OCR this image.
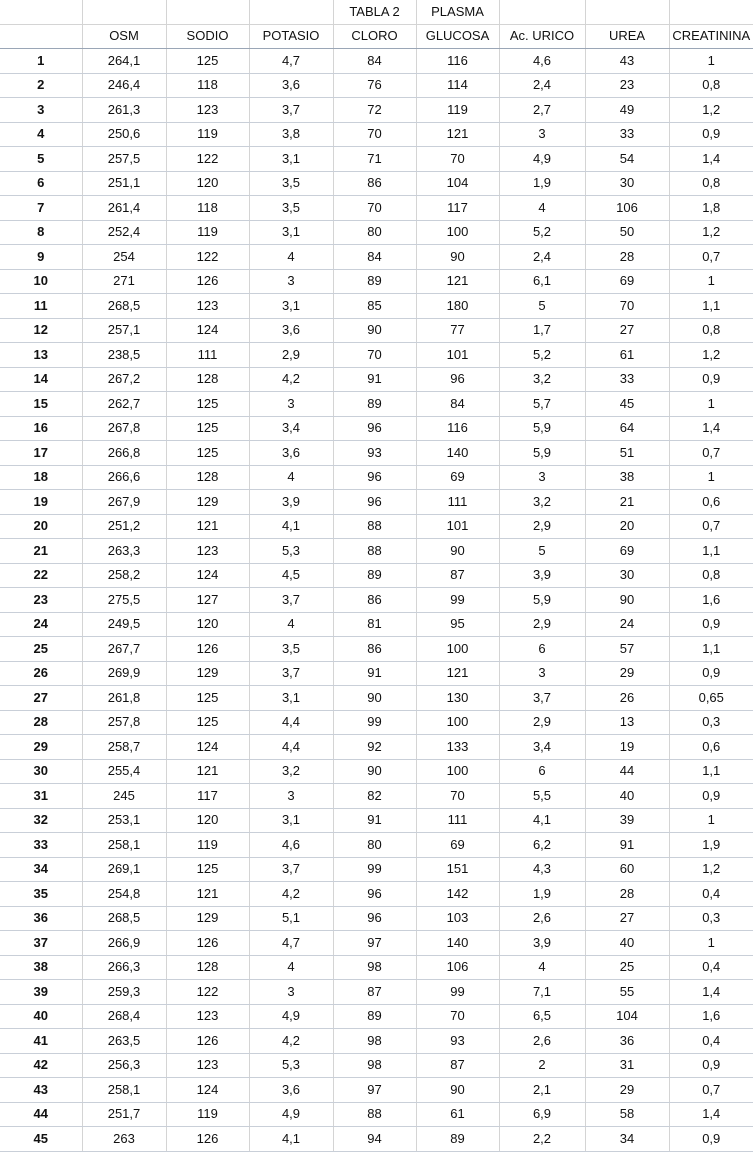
				TABLA 2	PLASMA			
	OSM	SODIO	POTASIO	CLORO	GLUCOSA	Ac. URICO	UREA	CREATININA
1	264,1	125	4,7	84	116	4,6	43	1
2	246,4	118	3,6	76	114	2,4	23	0,8
3	261,3	123	3,7	72	119	2,7	49	1,2
4	250,6	119	3,8	70	121	3	33	0,9
5	257,5	122	3,1	71	70	4,9	54	1,4
6	251,1	120	3,5	86	104	1,9	30	0,8
7	261,4	118	3,5	70	117	4	106	1,8
8	252,4	119	3,1	80	100	5,2	50	1,2
9	254	122	4	84	90	2,4	28	0,7
10	271	126	3	89	121	6,1	69	1
11	268,5	123	3,1	85	180	5	70	1,1
12	257,1	124	3,6	90	77	1,7	27	0,8
13	238,5	111	2,9	70	101	5,2	61	1,2
14	267,2	128	4,2	91	96	3,2	33	0,9
15	262,7	125	3	89	84	5,7	45	1
16	267,8	125	3,4	96	116	5,9	64	1,4
17	266,8	125	3,6	93	140	5,9	51	0,7
18	266,6	128	4	96	69	3	38	1
19	267,9	129	3,9	96	111	3,2	21	0,6
20	251,2	121	4,1	88	101	2,9	20	0,7
21	263,3	123	5,3	88	90	5	69	1,1
22	258,2	124	4,5	89	87	3,9	30	0,8
23	275,5	127	3,7	86	99	5,9	90	1,6
24	249,5	120	4	81	95	2,9	24	0,9
25	267,7	126	3,5	86	100	6	57	1,1
26	269,9	129	3,7	91	121	3	29	0,9
27	261,8	125	3,1	90	130	3,7	26	0,65
28	257,8	125	4,4	99	100	2,9	13	0,3
29	258,7	124	4,4	92	133	3,4	19	0,6
30	255,4	121	3,2	90	100	6	44	1,1
31	245	117	3	82	70	5,5	40	0,9
32	253,1	120	3,1	91	111	4,1	39	1
33	258,1	119	4,6	80	69	6,2	91	1,9
34	269,1	125	3,7	99	151	4,3	60	1,2
35	254,8	121	4,2	96	142	1,9	28	0,4
36	268,5	129	5,1	96	103	2,6	27	0,3
37	266,9	126	4,7	97	140	3,9	40	1
38	266,3	128	4	98	106	4	25	0,4
39	259,3	122	3	87	99	7,1	55	1,4
40	268,4	123	4,9	89	70	6,5	104	1,6
41	263,5	126	4,2	98	93	2,6	36	0,4
42	256,3	123	5,3	98	87	2	31	0,9
43	258,1	124	3,6	97	90	2,1	29	0,7
44	251,7	119	4,9	88	61	6,9	58	1,4
45	263	126	4,1	94	89	2,2	34	0,9
